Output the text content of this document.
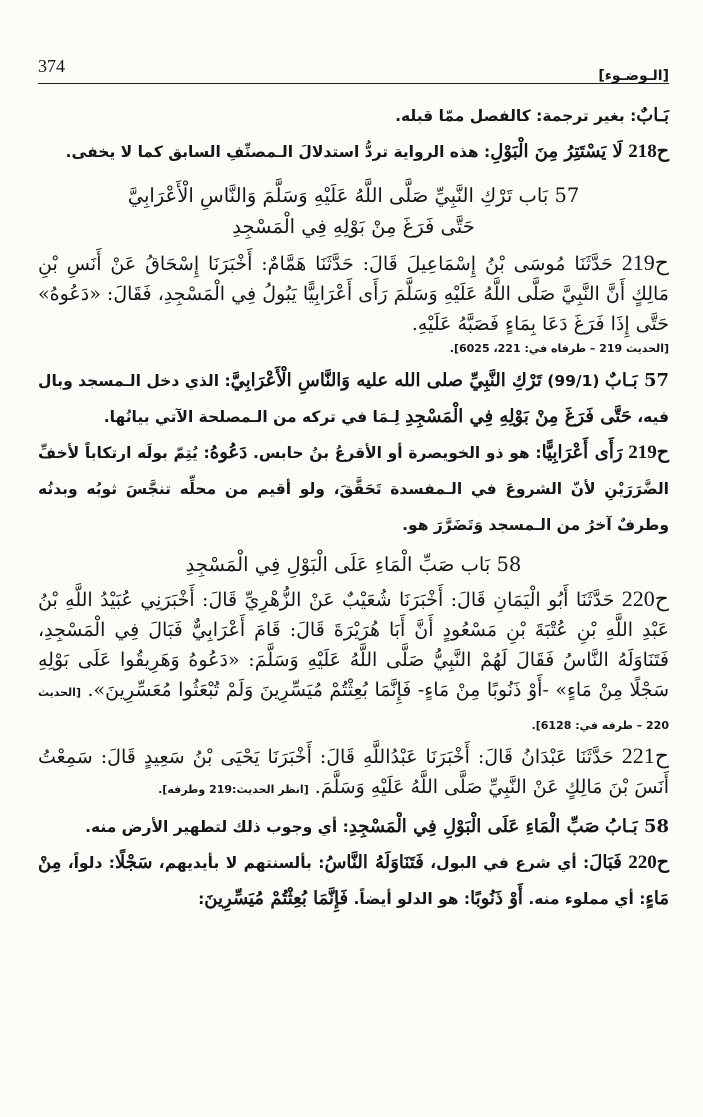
374	[الـوضـوء]

بَـابٌ: بغير ترجمة: كالفصل ممّا قبله.

ح218 لَا يَسْتَتِرُ مِنَ الْبَوْلِ: هذه الرواية تردُّ استدلالَ الـمصنِّفِ السابق كما لا يخفى.

57 بَاب تَرْكِ النَّبِيِّ صَلَّى اللَّهُ عَلَيْهِ وَسَلَّمَ وَالنَّاسِ الْأَعْرَابِيَّ
حَتَّى فَرَغَ مِنْ بَوْلِهِ فِي الْمَسْجِدِ

ح219 حَدَّثَنَا مُوسَى بْنُ إِسْمَاعِيلَ قَالَ: حَدَّثَنَا هَمَّامٌ: أَخْبَرَنَا إِسْحَاقُ عَنْ أَنَسِ بْنِ مَالِكٍ أَنَّ النَّبِيَّ صَلَّى اللَّهُ عَلَيْهِ وَسَلَّمَ رَأَى أَعْرَابِيًّا يَبُولُ فِي الْمَسْجِدِ، فَقَالَ: «دَعُوهُ» حَتَّى إِذَا فَرَغَ دَعَا بِمَاءٍ فَصَبَّهُ عَلَيْهِ.

[الحديث 219 – طرفاه في: 221، 6025].

57 بَـابٌ (99/1) تَرْكِ النَّبِيِّ صلى الله عليه وَالنَّاسِ الْأَعْرَابِيَّ: الذي دخل الـمسجد وبال فيه، حَتَّى فَرَغَ مِنْ بَوْلِهِ فِي الْمَسْجِدِ لِـمَا في تركه من الـمصلحة الآتي بيانُها.

ح219 رَأَى أَعْرَابِيًّا: هو ذو الخويصرة أو الأقرعُ بنُ حابس. دَعُوهُ: يُتِمّ بولَه ارتكاباً لأخفِّ الضَّرَرَيْنِ لأنّ الشروعَ في الـمفسدة تَحَقَّقَ، ولو أقيم من محلِّه تنجَّسَ ثوبُه وبدنُه وطرفٌ آخرُ من الـمسجد وَتَضَرَّرَ هو.

58 بَاب صَبِّ الْمَاءِ عَلَى الْبَوْلِ فِي الْمَسْجِدِ

ح220 حَدَّثَنَا أَبُو الْيَمَانِ قَالَ: أَخْبَرَنَا شُعَيْبٌ عَنْ الزُّهْرِيِّ قَالَ: أَخْبَرَنِي عُبَيْدُ اللَّهِ بْنُ عَبْدِ اللَّهِ بْنِ عُتْبَةَ بْنِ مَسْعُودٍ أَنَّ أَبَا هُرَيْرَةَ قَالَ: قَامَ أَعْرَابِيٌّ فَبَالَ فِي الْمَسْجِدِ، فَتَنَاوَلَهُ النَّاسُ فَقَالَ لَهُمْ النَّبِيُّ صَلَّى اللَّهُ عَلَيْهِ وَسَلَّمَ: «دَعُوهُ وَهَرِيقُوا عَلَى بَوْلِهِ سَجْلًا مِنْ مَاءٍ» -أَوْ ذَنُوبًا مِنْ مَاءٍ- فَإِنَّمَا بُعِثْتُمْ مُيَسِّرِينَ وَلَمْ تُبْعَثُوا مُعَسِّرِينَ». [الحديث 220 – طرفه في: 6128].

ح221 حَدَّثَنَا عَبْدَانُ قَالَ: أَخْبَرَنَا عَبْدُاللَّهِ قَالَ: أَخْبَرَنَا يَحْيَى بْنُ سَعِيدٍ قَالَ: سَمِعْتُ أَنَسَ بْنَ مَالِكٍ عَنْ النَّبِيِّ صَلَّى اللَّهُ عَلَيْهِ وَسَلَّمَ. [انظر الحديث:219 وطرفه].

58 بَـابُ صَبِّ الْمَاءِ عَلَى الْبَوْلِ فِي الْمَسْجِدِ: أي وجوب ذلك لتطهير الأرض منه.

ح220 فَبَالَ: أي شرع في البول، فَتَنَاوَلَهُ النَّاسُ: بألسنتهم لا بأيديهم، سَجْلًا: دلواً، مِنْ مَاءٍ: أي مملوء منه. أَوْ ذَنُوبًا: هو الدلو أيضاً. فَإِنَّمَا بُعِثْتُمْ مُيَسِّرِينَ:
